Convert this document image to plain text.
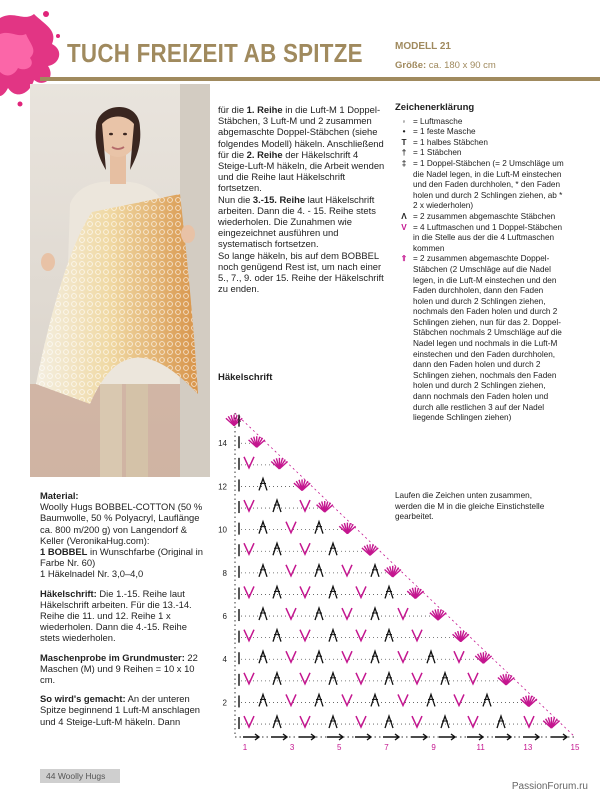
TUCH FREIZEIT AB SPITZE	MODELL 21
Größe: ca. 180 x 90 cm

für die 1. Reihe in die Luft-M 1 Doppel-Stäbchen, 3 Luft-M und 2 zusammen abgemaschte Doppel-Stäbchen (siehe folgendes Modell) häkeln. Anschließend für die 2. Reihe der Häkelschrift 4 Steige-Luft-M häkeln, die Arbeit wenden und die Reihe laut Häkelschrift fortsetzen.

Nun die 3.-15. Reihe laut Häkelschrift arbeiten. Dann die 4. - 15. Reihe stets wiederholen. Die Zunahmen wie eingezeichnet ausführen und systematisch fortsetzen.

So lange häkeln, bis auf dem BOBBEL noch genügend Rest ist, um nach einer 5., 7., 9. oder 15. Reihe der Häkelschrift zu enden.

Zeichenerklärung
◦ = Luftmasche
• = 1 feste Masche
T = 1 halbes Stäbchen
† = 1 Stäbchen
‡ = 1 Doppel-Stäbchen (= 2 Umschläge um die Nadel legen, in die Luft-M einstechen und den Faden durchholen, * den Faden holen und durch 2 Schlingen ziehen, ab * 2 x wiederholen)
Λ = 2 zusammen abgemaschte Stäbchen
V = 4 Luftmaschen und 1 Doppel-Stäbchen in die Stelle aus der die 4 Luftmaschen kommen
⇑ = 2 zusammen abgemaschte Doppel-Stäbchen (2 Umschläge auf die Nadel legen, in die Luft-M einstechen und den Faden durchholen, dann den Faden holen und durch 2 Schlingen ziehen, nochmals den Faden holen und durch 2 Schlingen ziehen, nun für das 2. Doppel-Stäbchen nochmals 2 Umschläge auf die Nadel legen und nochmals in die Luft-M einstechen und den Faden durchholen, dann den Faden holen und durch 2 Schlingen ziehen, nochmals den Faden holen und durch 2 Schlingen ziehen, dann nochmals den Faden holen und durch alle restlichen 3 auf der Nadel liegende Schlingen ziehen)
Laufen die Zeichen unten zusammen, werden die M in die gleiche Einstichstelle gearbeitet.
Häkelschrift
2
4
6
8
10
12
14
1	3	5	7	9	11	13	15

Material:

Woolly Hugs BOBBEL-COTTON (50 % Baumwolle, 50 % Polyacryl, Lauflänge ca. 800 m/200 g) von Langendorf & Keller (VeronikaHug.com):

1 BOBBEL in Wunschfarbe (Original in Farbe Nr. 60)

1 Häkelnadel Nr. 3,0–4,0

Häkelschrift: Die 1.-15. Reihe laut Häkelschrift arbeiten. Für die 13.-14. Reihe die 11. und 12. Reihe 1 x wiederholen. Dann die 4.-15. Reihe stets wiederholen.

Maschenprobe im Grundmuster: 22 Maschen (M) und 9 Reihen = 10 x 10 cm.

So wird's gemacht: An der unteren Spitze beginnend 1 Luft-M anschlagen und 4 Steige-Luft-M häkeln. Dann

44 Woolly Hugs
PassionForum.ru
